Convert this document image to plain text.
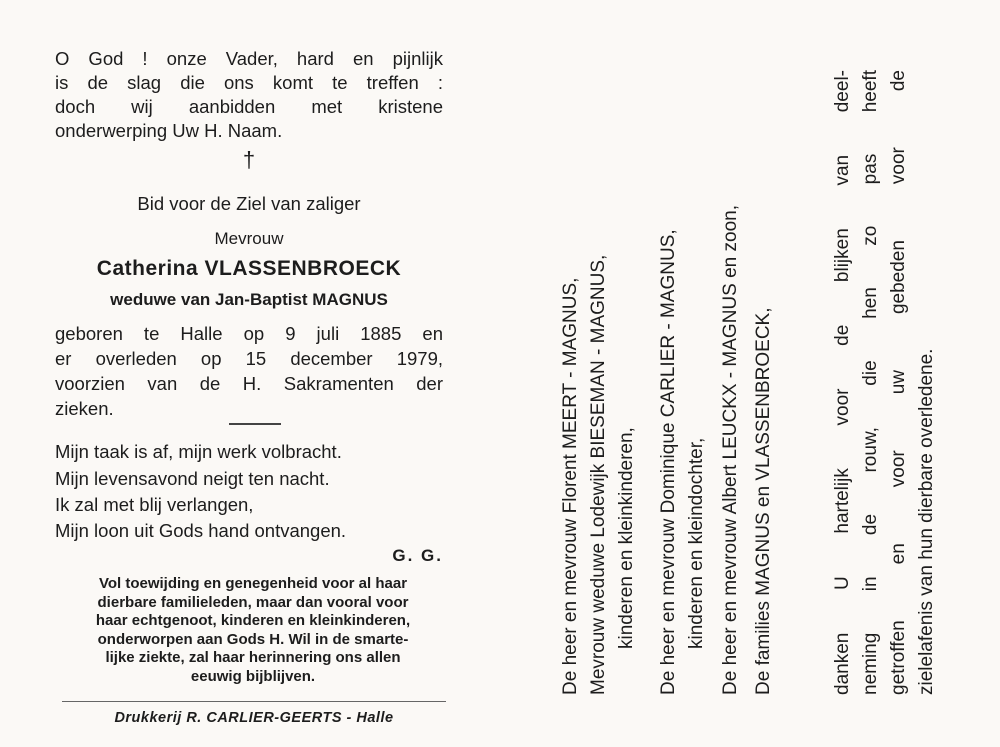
O God ! onze Vader, hard en pijnlijk
is de slag die ons komt te treffen :
doch wij aanbidden met kristene
onderwerping Uw H. Naam.
†
Bid voor de Ziel van zaliger
Mevrouw
Catherina VLASSENBROECK
weduwe van Jan-Baptist MAGNUS
geboren te Halle op 9 juli 1885 en
er overleden op 15 december 1979,
voorzien van de H. Sakramenten der
zieken.
Mijn taak is af, mijn werk volbracht.
Mijn levensavond neigt ten nacht.
Ik zal met blij verlangen,
Mijn loon uit Gods hand ontvangen.
G. G.
Vol toewijding en genegenheid voor al haar
dierbare familieleden, maar dan vooral voor
haar echtgenoot, kinderen en kleinkinderen,
onderworpen aan Gods H. Wil in de smarte-
lijke ziekte, zal haar herinnering ons allen
eeuwig bijblijven.
Drukkerij R. CARLIER-GEERTS - Halle
De heer en mevrouw Florent MEERT - MAGNUS, Mevrouw weduwe Lodewijk BIESEMAN - MAGNUS, kinderen en kleinkinderen, De heer en mevrouw Dominique CARLIER - MAGNUS, kinderen en kleindochter, De heer en mevrouw Albert LEUCKX - MAGNUS en zoon, De families MAGNUS en VLASSENBROECK,	danken U hartelijk voor de blijken van deel- neming in de rouw, die hen zo pas heeft getroffen en voor uw gebeden voor de zielelafenis van hun dierbare overledene.
